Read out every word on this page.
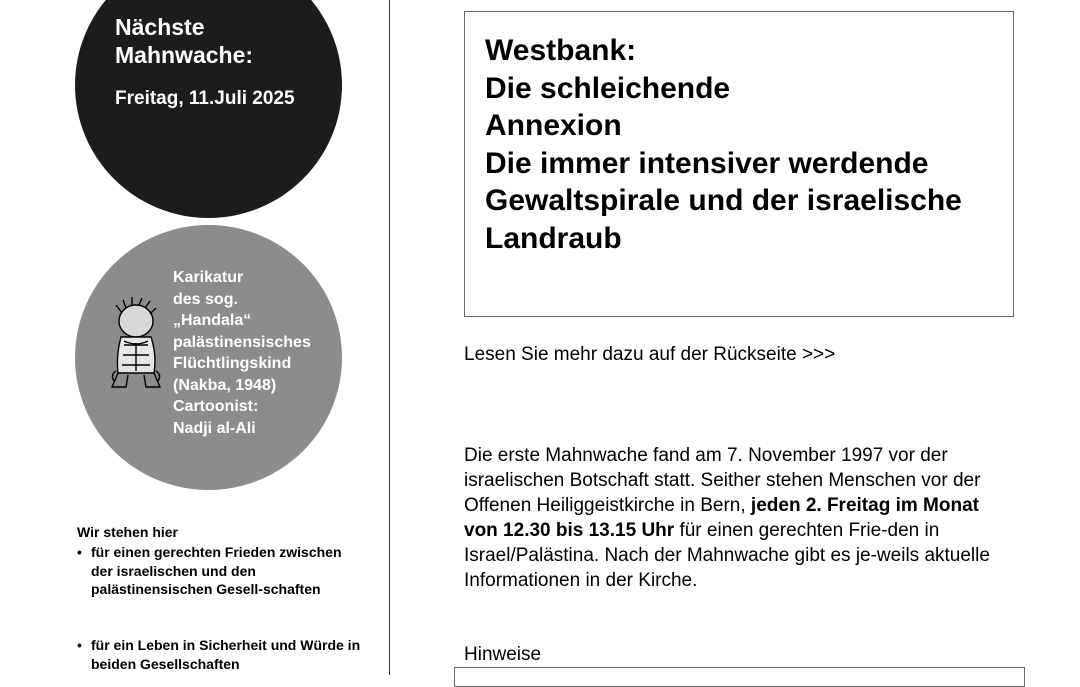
Nächste Mahnwache:
Freitag, 11.Juli 2025
Karikatur
des sog.
„Handala“
palästinensisches
Flüchtlingskind
(Nakba, 1948)
Cartoonist:
Nadji al-Ali
Wir stehen hier
• für einen gerechten Frieden zwischen der israelischen und den palästinensischen Gesell-schaften
• für ein Leben in Sicherheit und Würde in beiden Gesellschaften
Westbank:
Die schleichende
Annexion
Die immer intensiver werdende
Gewaltspirale und der israelische
Landraub
Lesen Sie mehr dazu auf der Rückseite >>>
Die erste Mahnwache fand am 7. November 1997 vor der israelischen Botschaft statt. Seither stehen Menschen vor der Offenen Heiliggeistkirche in Bern, jeden 2. Freitag im Monat von 12.30 bis 13.15 Uhr für einen gerechten Frie-den in Israel/Palästina. Nach der Mahnwache gibt es je-weils aktuelle Informationen in der Kirche.
Hinweise
